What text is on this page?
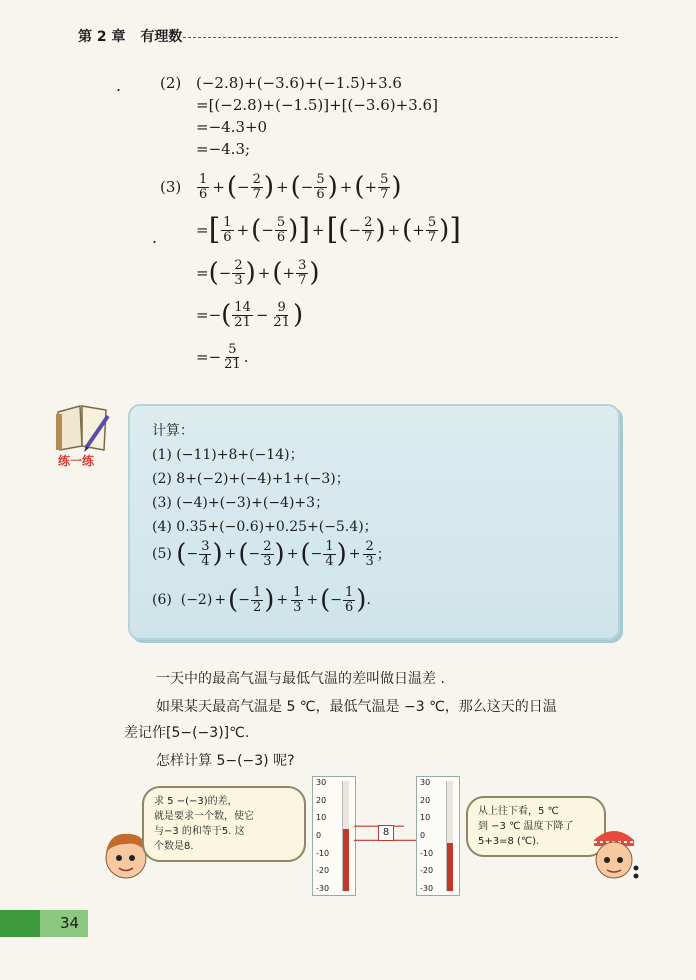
第 2 章 有理数
.
.
(2) (−2.8)+(−3.6)+(−1.5)+3.6
=[(−2.8)+(−1.5)]+[(−3.6)+3.6]
=−4.3+0
=−4.3;
(3)	$\frac{1}{6}$ + ( − $\frac{2}{7}$ ) + ( − $\frac{5}{6}$ ) + ( + $\frac{5}{7}$ )
= [ $\frac{1}{6}$ + ( − $\frac{5}{6}$ ) ] + [ ( − $\frac{2}{7}$ ) + ( + $\frac{5}{7}$ ) ]
= ( − $\frac{2}{3}$ ) + ( + $\frac{3}{7}$ )
=− ( $\frac{14}{21} - \frac{9}{21}$ )
=− $\frac{5}{21}$ .
练一练
计算：
(1) (−11)+8+(−14)；
(2) 8+(−2)+(−4)+1+(−3)；
(3) (−4)+(−3)+(−4)+3；
(4) 0.35+(−0.6)+0.25+(−5.4)；
(5)
( − $\frac{3}{4}$ ) + ( − $\frac{2}{3}$ ) + ( − $\frac{1}{4}$ ) + $\frac{2}{3}$ ；
(6) (−2) + ( − $\frac{1}{2}$ ) + $\frac{1}{3}$ + ( − $\frac{1}{6}$ ) .
一天中的最高气温与最低气温的差叫做日温差 .
如果某天最高气温是 5 ℃，最低气温是 −3 ℃，那么这天的日温
差记作[5−(−3)]℃.
怎样计算 5−(−3) 呢?
求 5 −(−3)的差，
就是要求一个数，使它
与−3 的和等于5. 这
个数是8.
30
20
10
0
-10
-20
-30
30
20
10
0
-10
-20
-30
8
从上往下看，5 ℃
到 −3 ℃ 温度下降了
5+3=8 (℃).
34
